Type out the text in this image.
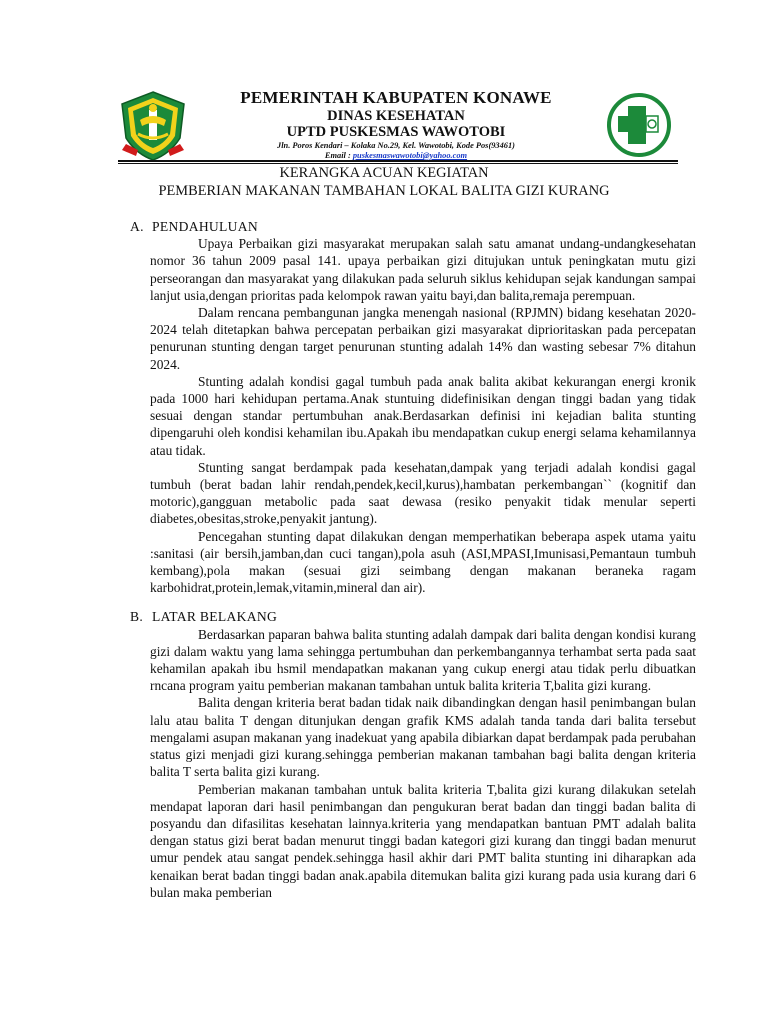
PEMERINTAH KABUPATEN KONAWE
DINAS KESEHATAN
UPTD PUSKESMAS WAWOTOBI
Jln. Poros Kendari – Kolaka No.29, Kel. Wawotobi, Kode Pos(93461)
Email : puskesmaswawotobi@yahoo.com
KERANGKA ACUAN KEGIATAN
PEMBERIAN MAKANAN TAMBAHAN LOKAL BALITA GIZI KURANG
A. PENDAHULUAN

Upaya Perbaikan gizi masyarakat merupakan salah satu amanat undang-undangkesehatan nomor 36 tahun 2009 pasal 141. upaya perbaikan gizi ditujukan untuk peningkatan mutu gizi perseorangan dan masyarakat yang dilakukan pada seluruh siklus kehidupan sejak kandungan sampai lanjut usia,dengan prioritas pada kelompok rawan yaitu bayi,dan balita,remaja perempuan.

Dalam rencana pembangunan jangka menengah nasional (RPJMN) bidang kesehatan 2020-2024 telah ditetapkan bahwa percepatan perbaikan gizi masyarakat diprioritaskan pada percepatan penurunan stunting dengan target penurunan stunting adalah 14% dan wasting sebesar 7% ditahun 2024.

Stunting adalah kondisi gagal tumbuh pada anak balita akibat kekurangan energi kronik pada 1000 hari kehidupan pertama.Anak stuntuing didefinisikan dengan tinggi badan yang tidak sesuai dengan standar pertumbuhan anak.Berdasarkan definisi ini kejadian balita stunting dipengaruhi oleh kondisi kehamilan ibu.Apakah ibu mendapatkan cukup energi selama kehamilannya atau tidak.

Stunting sangat berdampak pada kesehatan,dampak yang terjadi adalah kondisi gagal tumbuh (berat badan lahir rendah,pendek,kecil,kurus),hambatan perkembangan`` (kognitif dan motoric),gangguan metabolic pada saat dewasa (resiko penyakit tidak menular seperti diabetes,obesitas,stroke,penyakit jantung).

Pencegahan stunting dapat dilakukan dengan memperhatikan beberapa aspek utama yaitu :sanitasi (air bersih,jamban,dan cuci tangan),pola asuh (ASI,MPASI,Imunisasi,Pemantaun tumbuh kembang),pola makan (sesuai gizi seimbang dengan makanan beraneka ragam karbohidrat,protein,lemak,vitamin,mineral dan air).

B. LATAR BELAKANG

Berdasarkan paparan bahwa balita stunting adalah dampak dari balita dengan kondisi kurang gizi dalam waktu yang lama sehingga pertumbuhan dan perkembangannya terhambat serta pada saat kehamilan apakah ibu hsmil mendapatkan makanan yang cukup energi atau tidak perlu dibuatkan rncana program yaitu pemberian makanan tambahan untuk balita kriteria T,balita gizi kurang.

Balita dengan kriteria berat badan tidak naik dibandingkan dengan hasil penimbangan bulan lalu atau balita T dengan ditunjukan dengan grafik KMS adalah tanda tanda dari balita tersebut mengalami asupan makanan yang inadekuat yang apabila dibiarkan dapat berdampak pada perubahan status gizi menjadi gizi kurang.sehingga pemberian makanan tambahan bagi balita dengan kriteria balita T serta balita gizi kurang.

Pemberian makanan tambahan untuk balita kriteria T,balita gizi kurang dilakukan setelah mendapat laporan dari hasil penimbangan dan pengukuran berat badan dan tinggi badan balita di posyandu dan difasilitas kesehatan lainnya.kriteria yang mendapatkan bantuan PMT adalah balita dengan status gizi berat badan menurut tinggi badan kategori gizi kurang dan tinggi badan menurut umur pendek atau sangat pendek.sehingga hasil akhir dari PMT balita stunting ini diharapkan ada kenaikan berat badan tinggi badan anak.apabila ditemukan balita gizi kurang pada usia kurang dari 6 bulan maka pemberian
